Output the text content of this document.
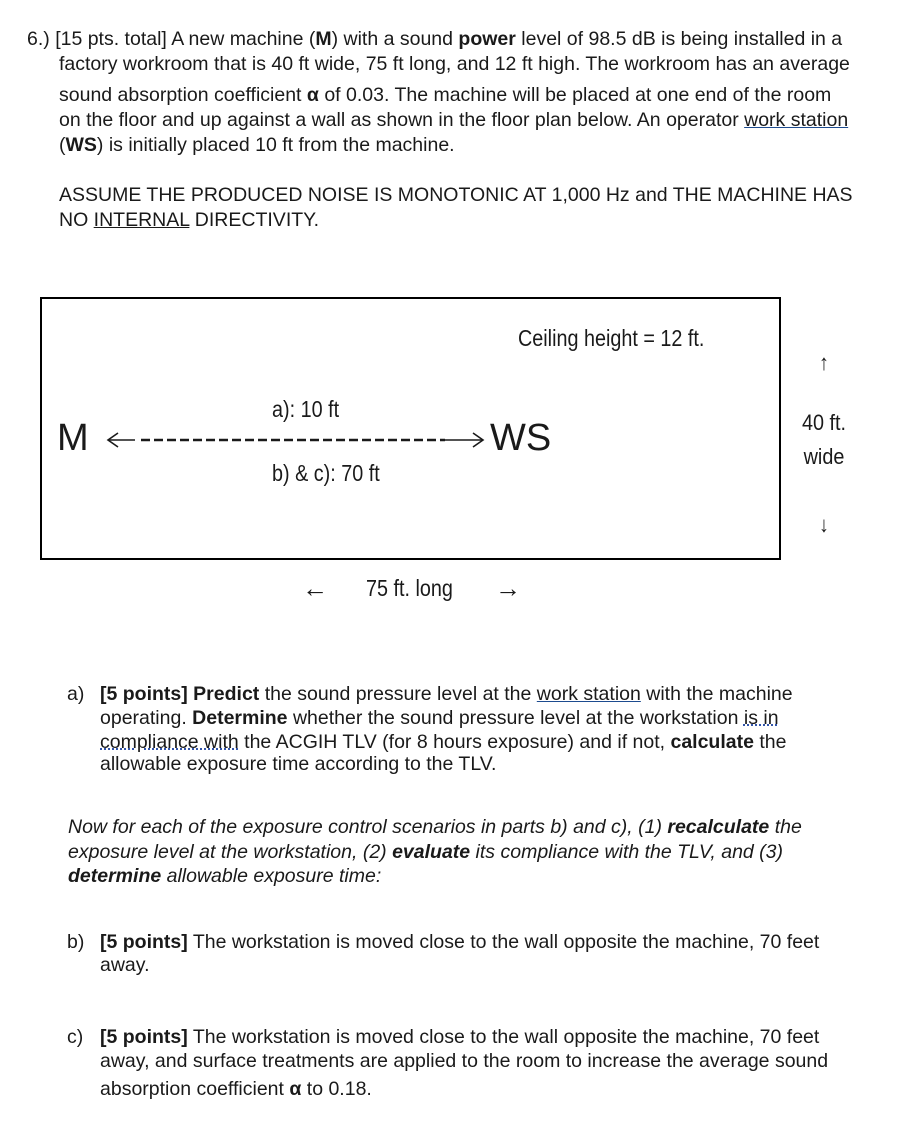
6.) [15 pts. total] A new machine (M) with a sound power level of 98.5 dB is being installed in a
factory workroom that is 40 ft wide, 75 ft long, and 12 ft high. The workroom has an average
sound absorption coefficient α of 0.03. The machine will be placed at one end of the room
on the floor and up against a wall as shown in the floor plan below. An operator work station
(WS) is initially placed 10 ft from the machine.
ASSUME THE PRODUCED NOISE IS MONOTONIC AT 1,000 Hz and THE MACHINE HAS
NO INTERNAL DIRECTIVITY.
Ceiling height = 12 ft.
a): 10 ft
b) & c): 70 ft
M	WS
↑
40 ft.
wide
↓
← 75 ft. long →
a) [5 points] Predict the sound pressure level at the work station with the machine
operating. Determine whether the sound pressure level at the workstation is in
compliance with the ACGIH TLV (for 8 hours exposure) and if not, calculate the
allowable exposure time according to the TLV.
Now for each of the exposure control scenarios in parts b) and c), (1) recalculate the
exposure level at the workstation, (2) evaluate its compliance with the TLV, and (3)
determine allowable exposure time:
b) [5 points] The workstation is moved close to the wall opposite the machine, 70 feet
away.
c) [5 points] The workstation is moved close to the wall opposite the machine, 70 feet
away, and surface treatments are applied to the room to increase the average sound
absorption coefficient α to 0.18.
